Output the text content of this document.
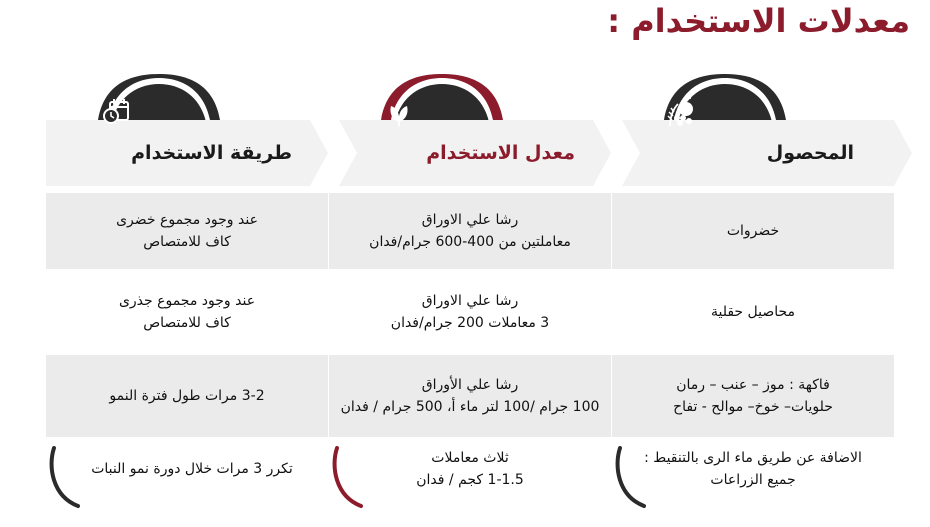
معدلات الاستخدام :
طريقة الاستخدام
عند وجود مجموع خضرى
كاف للامتصاص
عند وجود مجموع جذرى
كاف للامتصاص
3-2 مرات طول فترة النمو
تكرر 3 مرات خلال دورة نمو النبات
معدل الاستخدام
رشا علي الاوراق
معاملتين من 400-600 جرام/فدان
رشا علي الاوراق
3 معاملات 200 جرام/فدان
رشا علي الأوراق
100 جرام /100 لتر ماء أ، 500 جرام / فدان
ثلاث معاملات
1-1.5 كجم / فدان
المحصول
خضروات
محاصيل حقلية
فاكهة : موز – عنب – رمان
حلويات– خوخ– موالح - تفاح
الاضافة عن طريق ماء الرى بالتنقيط :
جميع الزراعات
